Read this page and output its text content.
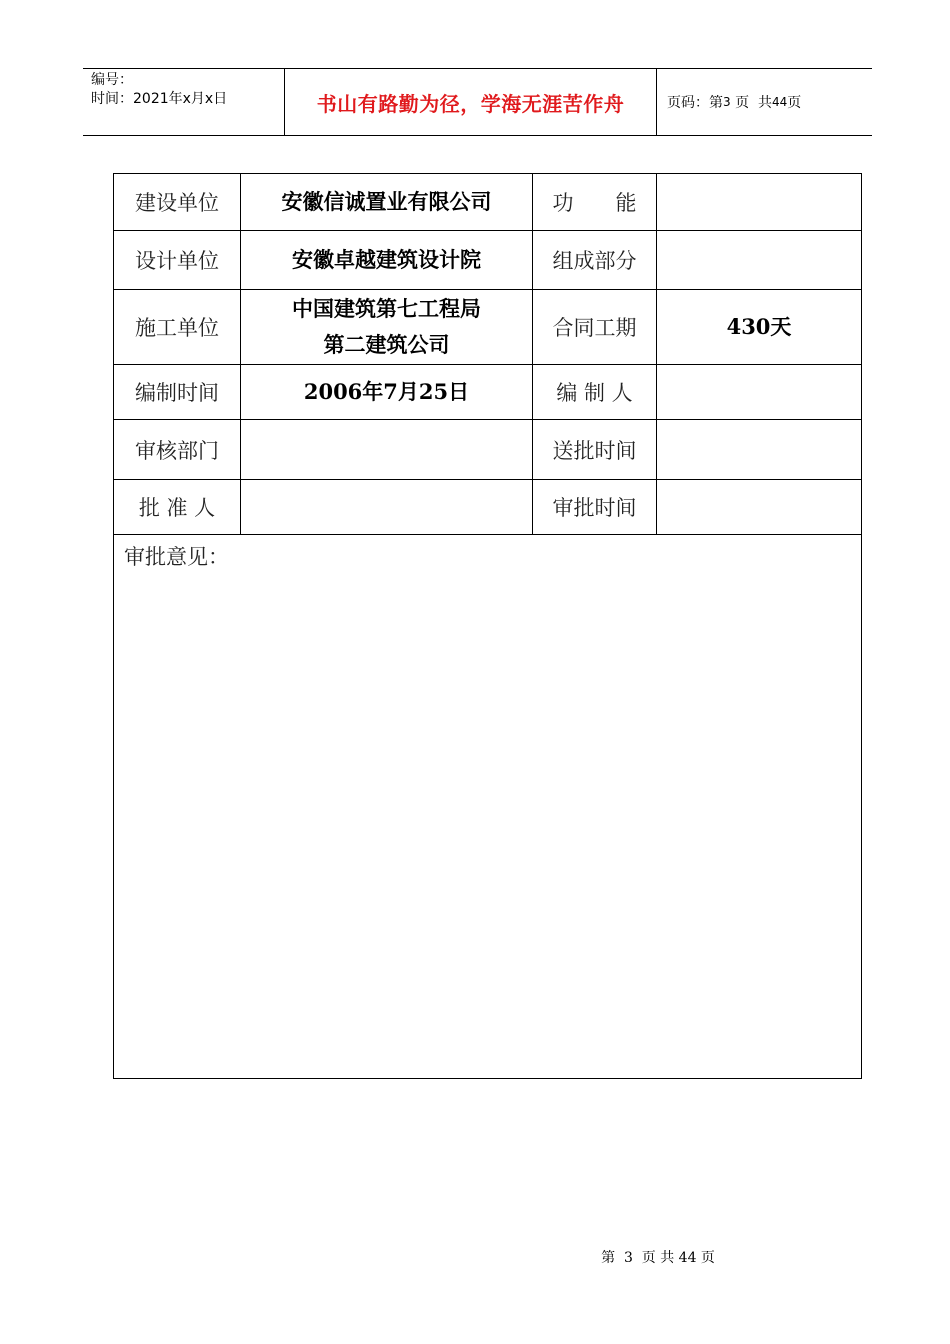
编号：
时间：2021年x月x日	书山有路勤为径，学海无涯苦作舟	页码：第 3
页  共 44 页
建设单位	安徽信诚置业有限公司	功　　能	
设计单位	安徽卓越建筑设计院	组成部分	
施工单位	中国建筑第七工程局
第二建筑公司	合同工期	430天
编制时间	2006年7月25日	编 制 人	
审核部门		送批时间	
批 准 人		审批时间	
审批意见：			
第  3  页 共 44 页
